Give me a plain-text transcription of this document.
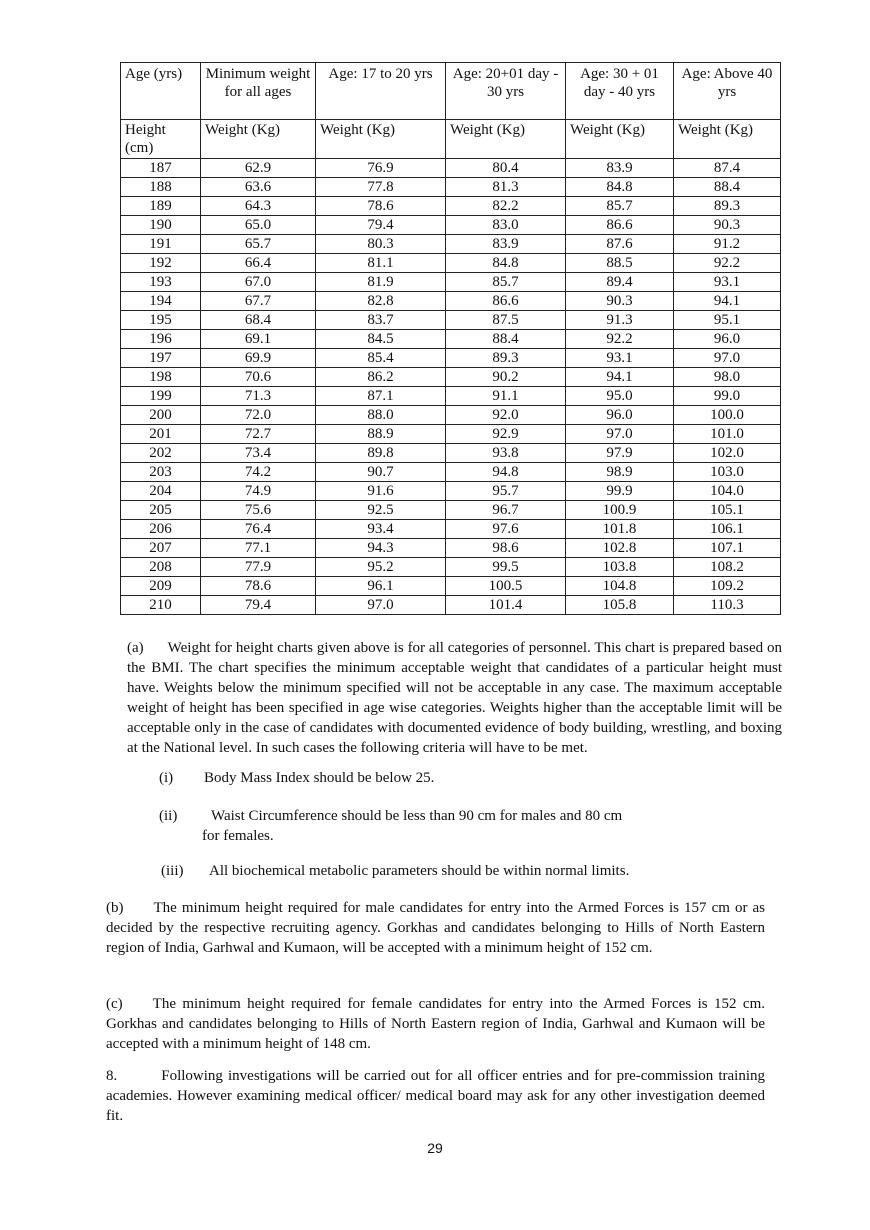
Age (yrs)	Minimum weight for all ages	Age: 17 to 20 yrs	Age: 20+01 day - 30 yrs	Age: 30 + 01 day - 40 yrs	Age: Above 40 yrs
Height (cm)	Weight (Kg)	Weight (Kg)	Weight (Kg)	Weight (Kg)	Weight (Kg)
187	62.9	76.9	80.4	83.9	87.4
188	63.6	77.8	81.3	84.8	88.4
189	64.3	78.6	82.2	85.7	89.3
190	65.0	79.4	83.0	86.6	90.3
191	65.7	80.3	83.9	87.6	91.2
192	66.4	81.1	84.8	88.5	92.2
193	67.0	81.9	85.7	89.4	93.1
194	67.7	82.8	86.6	90.3	94.1
195	68.4	83.7	87.5	91.3	95.1
196	69.1	84.5	88.4	92.2	96.0
197	69.9	85.4	89.3	93.1	97.0
198	70.6	86.2	90.2	94.1	98.0
199	71.3	87.1	91.1	95.0	99.0
200	72.0	88.0	92.0	96.0	100.0
201	72.7	88.9	92.9	97.0	101.0
202	73.4	89.8	93.8	97.9	102.0
203	74.2	90.7	94.8	98.9	103.0
204	74.9	91.6	95.7	99.9	104.0
205	75.6	92.5	96.7	100.9	105.1
206	76.4	93.4	97.6	101.8	106.1
207	77.1	94.3	98.6	102.8	107.1
208	77.9	95.2	99.5	103.8	108.2
209	78.6	96.1	100.5	104.8	109.2
210	79.4	97.0	101.4	105.8	110.3

(a) Weight for height charts given above is for all categories of personnel. This chart is prepared based on the BMI. The chart specifies the minimum acceptable weight that candidates of a particular height must have. Weights below the minimum specified will not be acceptable in any case. The maximum acceptable weight of height has been specified in age wise categories. Weights higher than the acceptable limit will be acceptable only in the case of candidates with documented evidence of body building, wrestling, and boxing at the National level. In such cases the following criteria will have to be met.

(i) Body Mass Index should be below 25.
(ii) Waist Circumference should be less than 90 cm for males and 80 cm
for females.
(iii) All biochemical metabolic parameters should be within normal limits.

(b) The minimum height required for male candidates for entry into the Armed Forces is 157 cm or as decided by the respective recruiting agency. Gorkhas and candidates belonging to Hills of North Eastern region of India, Garhwal and Kumaon, will be accepted with a minimum height of 152 cm.

(c) The minimum height required for female candidates for entry into the Armed Forces is 152 cm. Gorkhas and candidates belonging to Hills of North Eastern region of India, Garhwal and Kumaon will be accepted with a minimum height of 148 cm.

8.	Following investigations will be carried out for all officer entries and for pre-commission training academies. However examining medical officer/ medical board may ask for any other investigation deemed fit.

29
